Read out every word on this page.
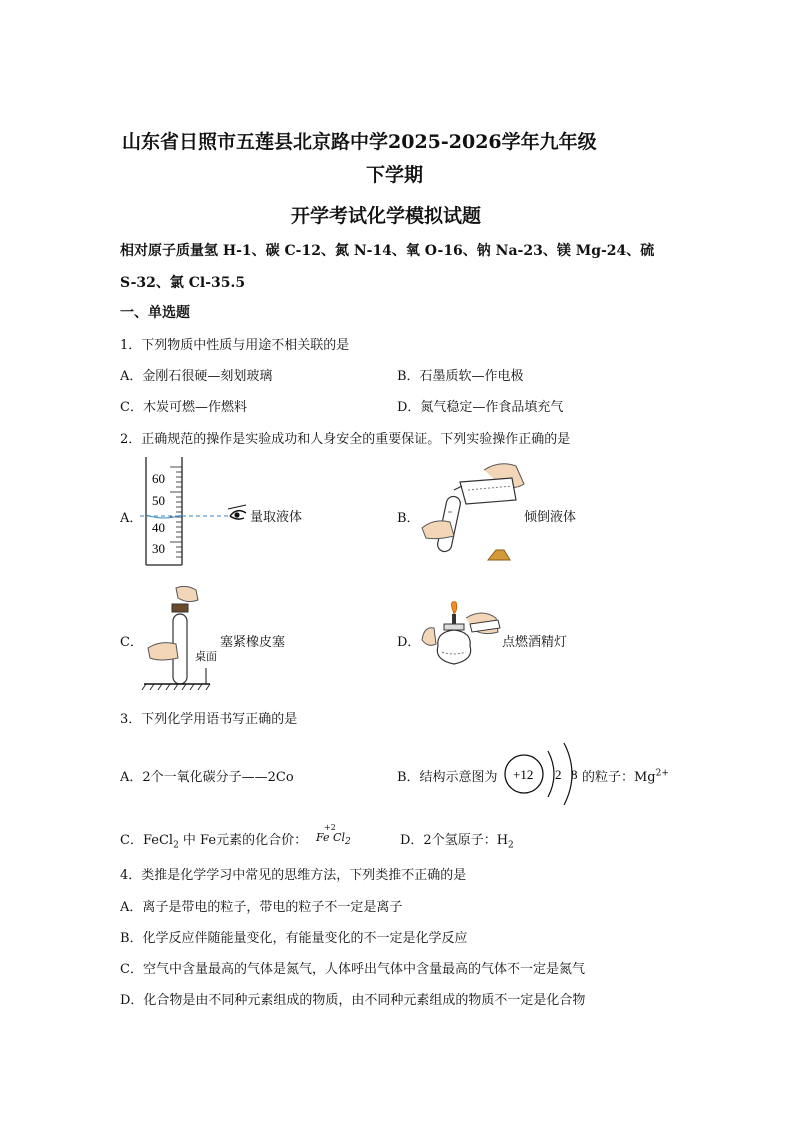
山东省日照市五莲县北京路中学2025-2026学年九年级
下学期
开学考试化学模拟试题
相对原子质量氢 H-1、碳 C-12、氮 N-14、氧 O-16、钠 Na-23、镁 Mg-24、硫
S-32、氯 Cl-35.5
一、单选题
1．下列物质中性质与用途不相关联的是
A．金刚石很硬—刻划玻璃	B．石墨质软—作电极
C．木炭可燃—作燃料	D．氮气稳定—作食品填充气
2．正确规范的操作是实验成功和人身安全的重要保证。下列实验操作正确的是
A．
60
50
40
30
量取液体	B．	倾倒液体
C．
桌面
塞紧橡皮塞	D．	点燃酒精灯
3．下列化学用语书写正确的是
A．2个一氧化碳分子——2Co	B．结构示意图为 +12 2 8 的粒子：$Mg^{2+}$
C．FeCl$_2$ 中 Fe元素的化合价：
+2
Fe $Cl_2$	D．2个氢原子：$H_2$
4．类推是化学学习中常见的思维方法，下列类推不正确的是
A．离子是带电的粒子，带电的粒子不一定是离子
B．化学反应伴随能量变化，有能量变化的不一定是化学反应
C．空气中含量最高的气体是氮气，人体呼出气体中含量最高的气体不一定是氮气
D．化合物是由不同种元素组成的物质，由不同种元素组成的物质不一定是化合物
